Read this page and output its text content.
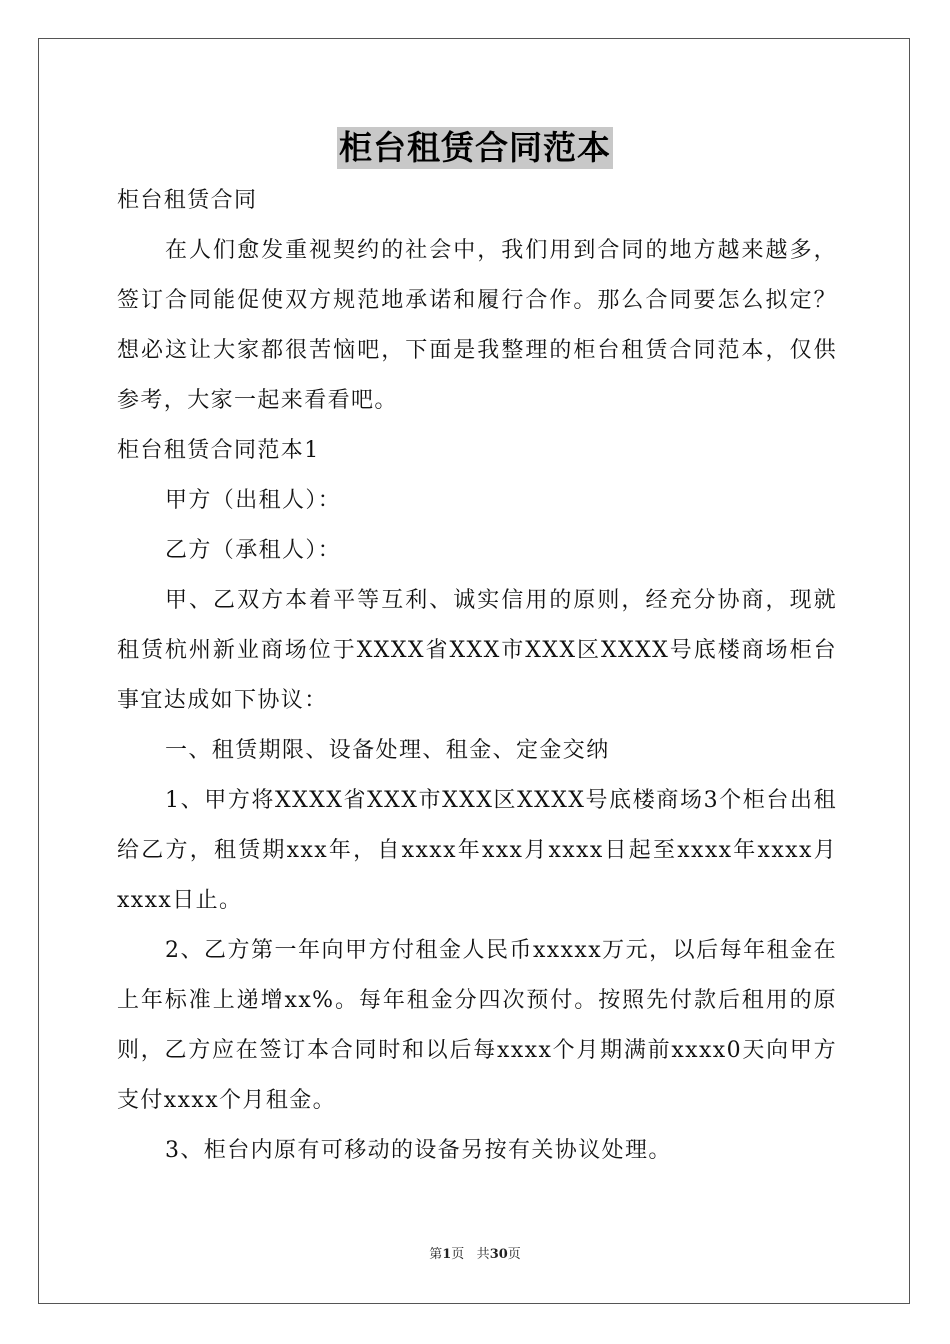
柜台租赁合同范本

柜台租赁合同

在人们愈发重视契约的社会中，我们用到合同的地方越来越多，签订合同能促使双方规范地承诺和履行合作。那么合同要怎么拟定？想必这让大家都很苦恼吧，下面是我整理的柜台租赁合同范本，仅供参考，大家一起来看看吧。

柜台租赁合同范本1

甲方（出租人）：

乙方（承租人）：

甲、乙双方本着平等互利、诚实信用的原则，经充分协商，现就租赁杭州新业商场位于XXXX省XXX市XXX区XXXX号底楼商场柜台事宜达成如下协议：

一、租赁期限、设备处理、租金、定金交纳

1、甲方将XXXX省XXX市XXX区XXXX号底楼商场3个柜台出租给乙方，租赁期xxx年，自xxxx年xxx月xxxx日起至xxxx年xxxx月xxxx日止。

2、乙方第一年向甲方付租金人民币xxxxx万元，以后每年租金在上年标准上递增xx%。每年租金分四次预付。按照先付款后租用的原则，乙方应在签订本合同时和以后每xxxx个月期满前xxxx0天向甲方支付xxxx个月租金。

3、柜台内原有可移动的设备另按有关协议处理。

第1页 共30页
